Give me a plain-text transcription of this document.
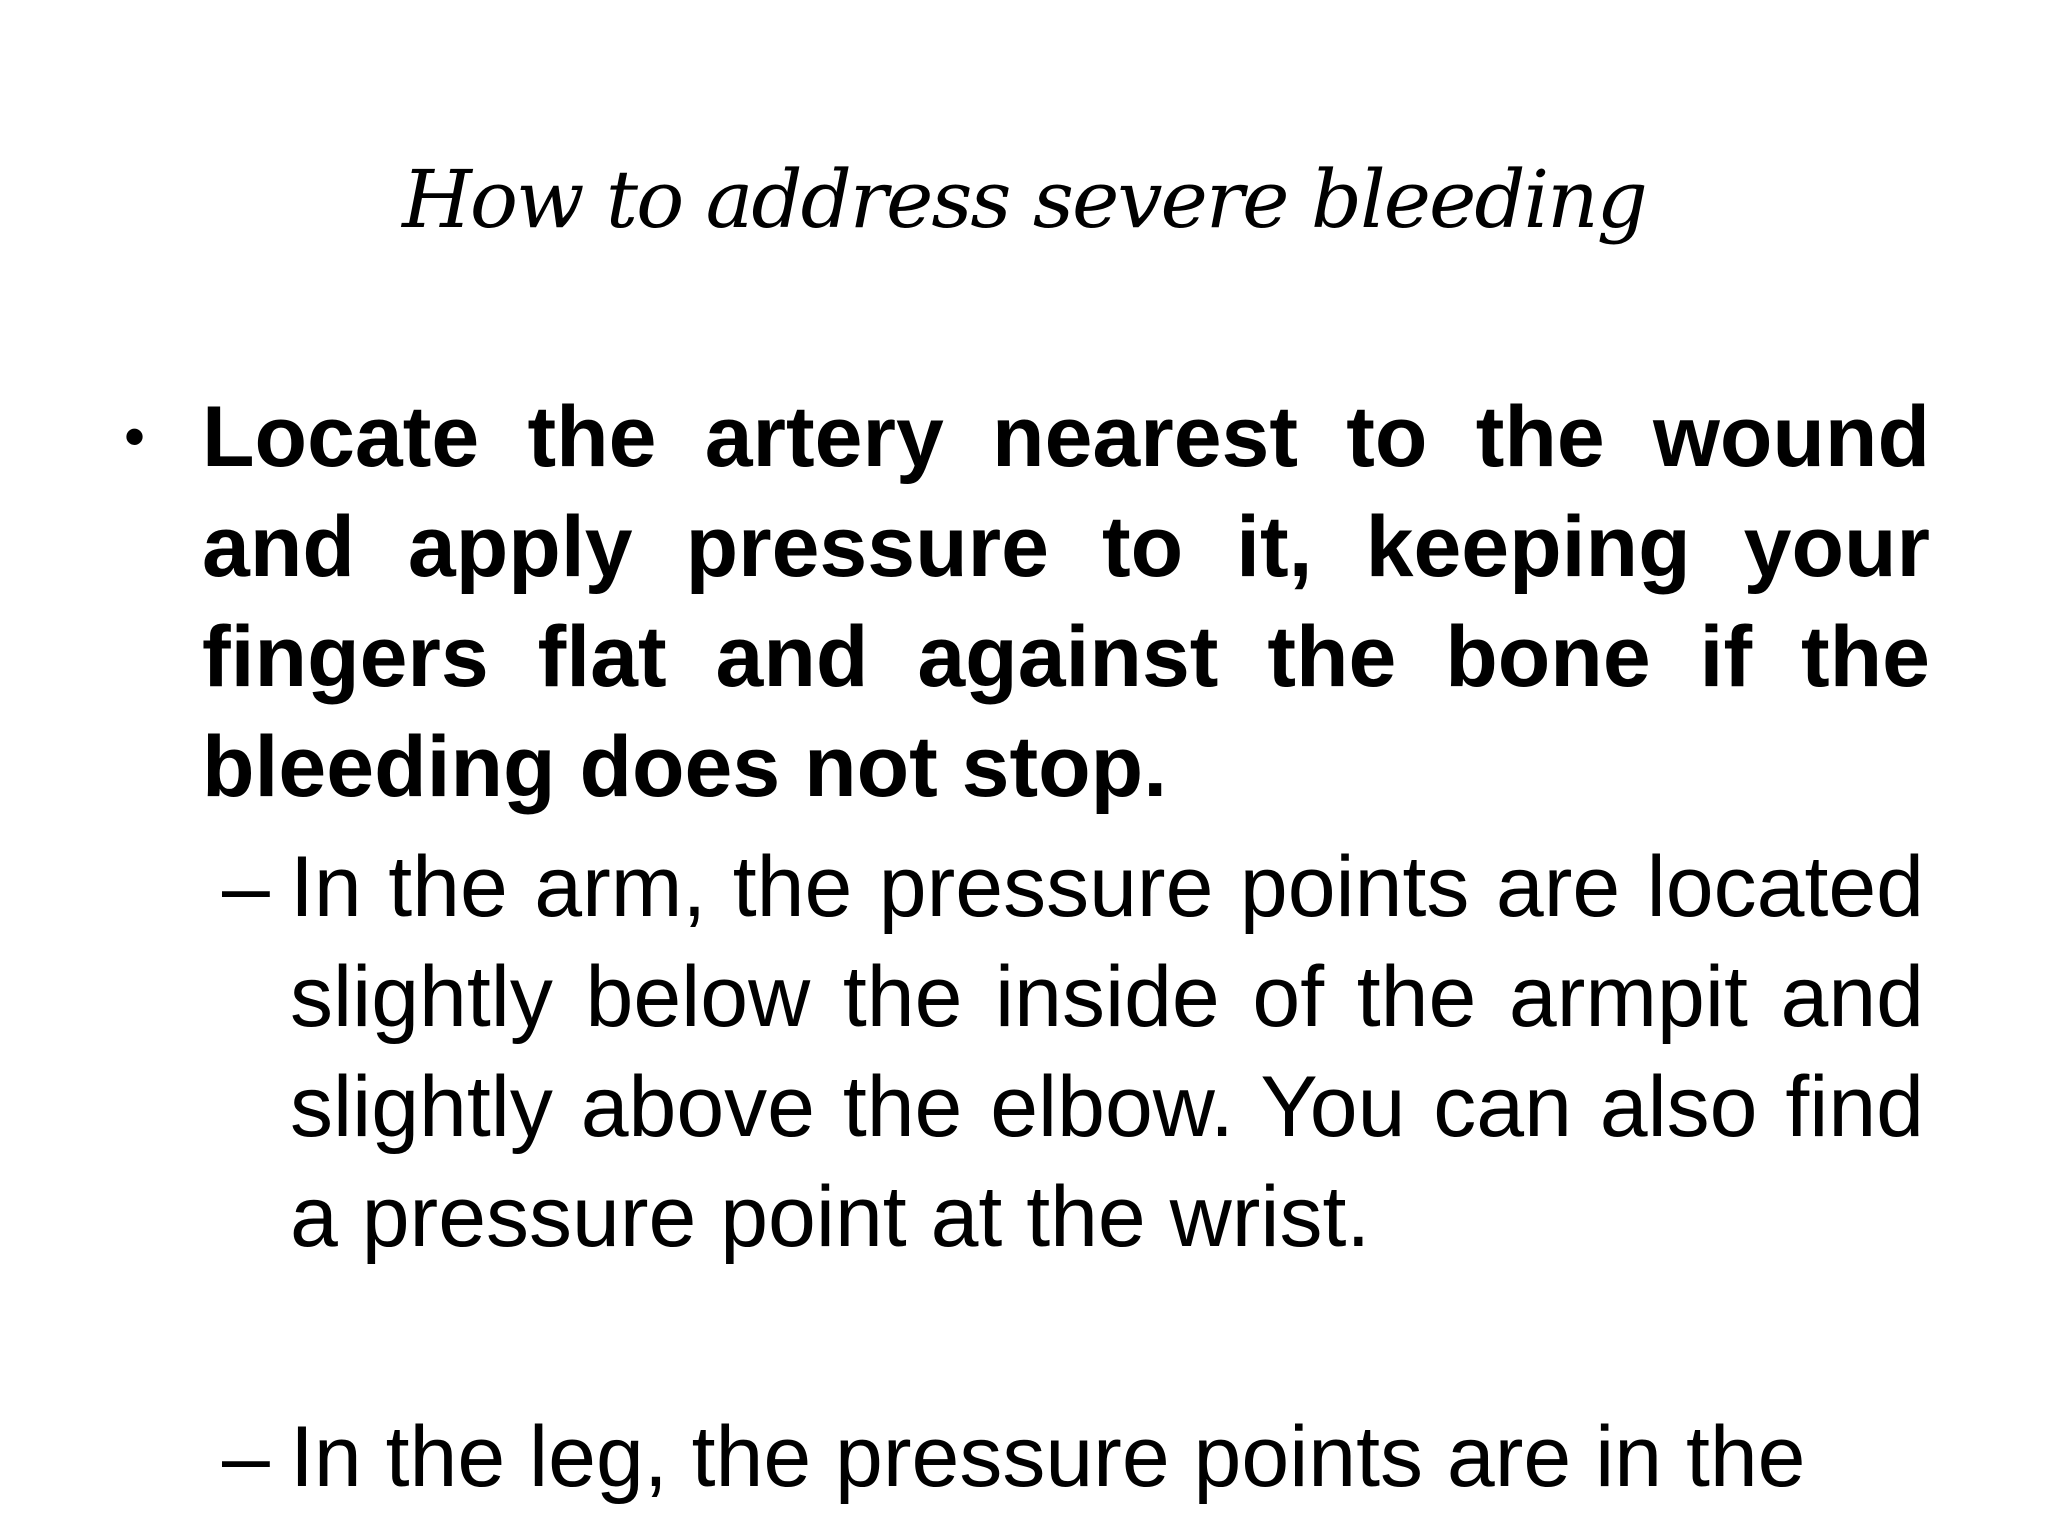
How to address severe bleeding
• Locate the artery nearest to the wound and apply pressure to it, keeping your fingers flat and against the bone if the bleeding does not stop.
– In the arm, the pressure points are located slightly below the inside of the armpit and slightly above the elbow. You can also find a pressure point at the wrist.
– In the leg, the pressure points are in the
